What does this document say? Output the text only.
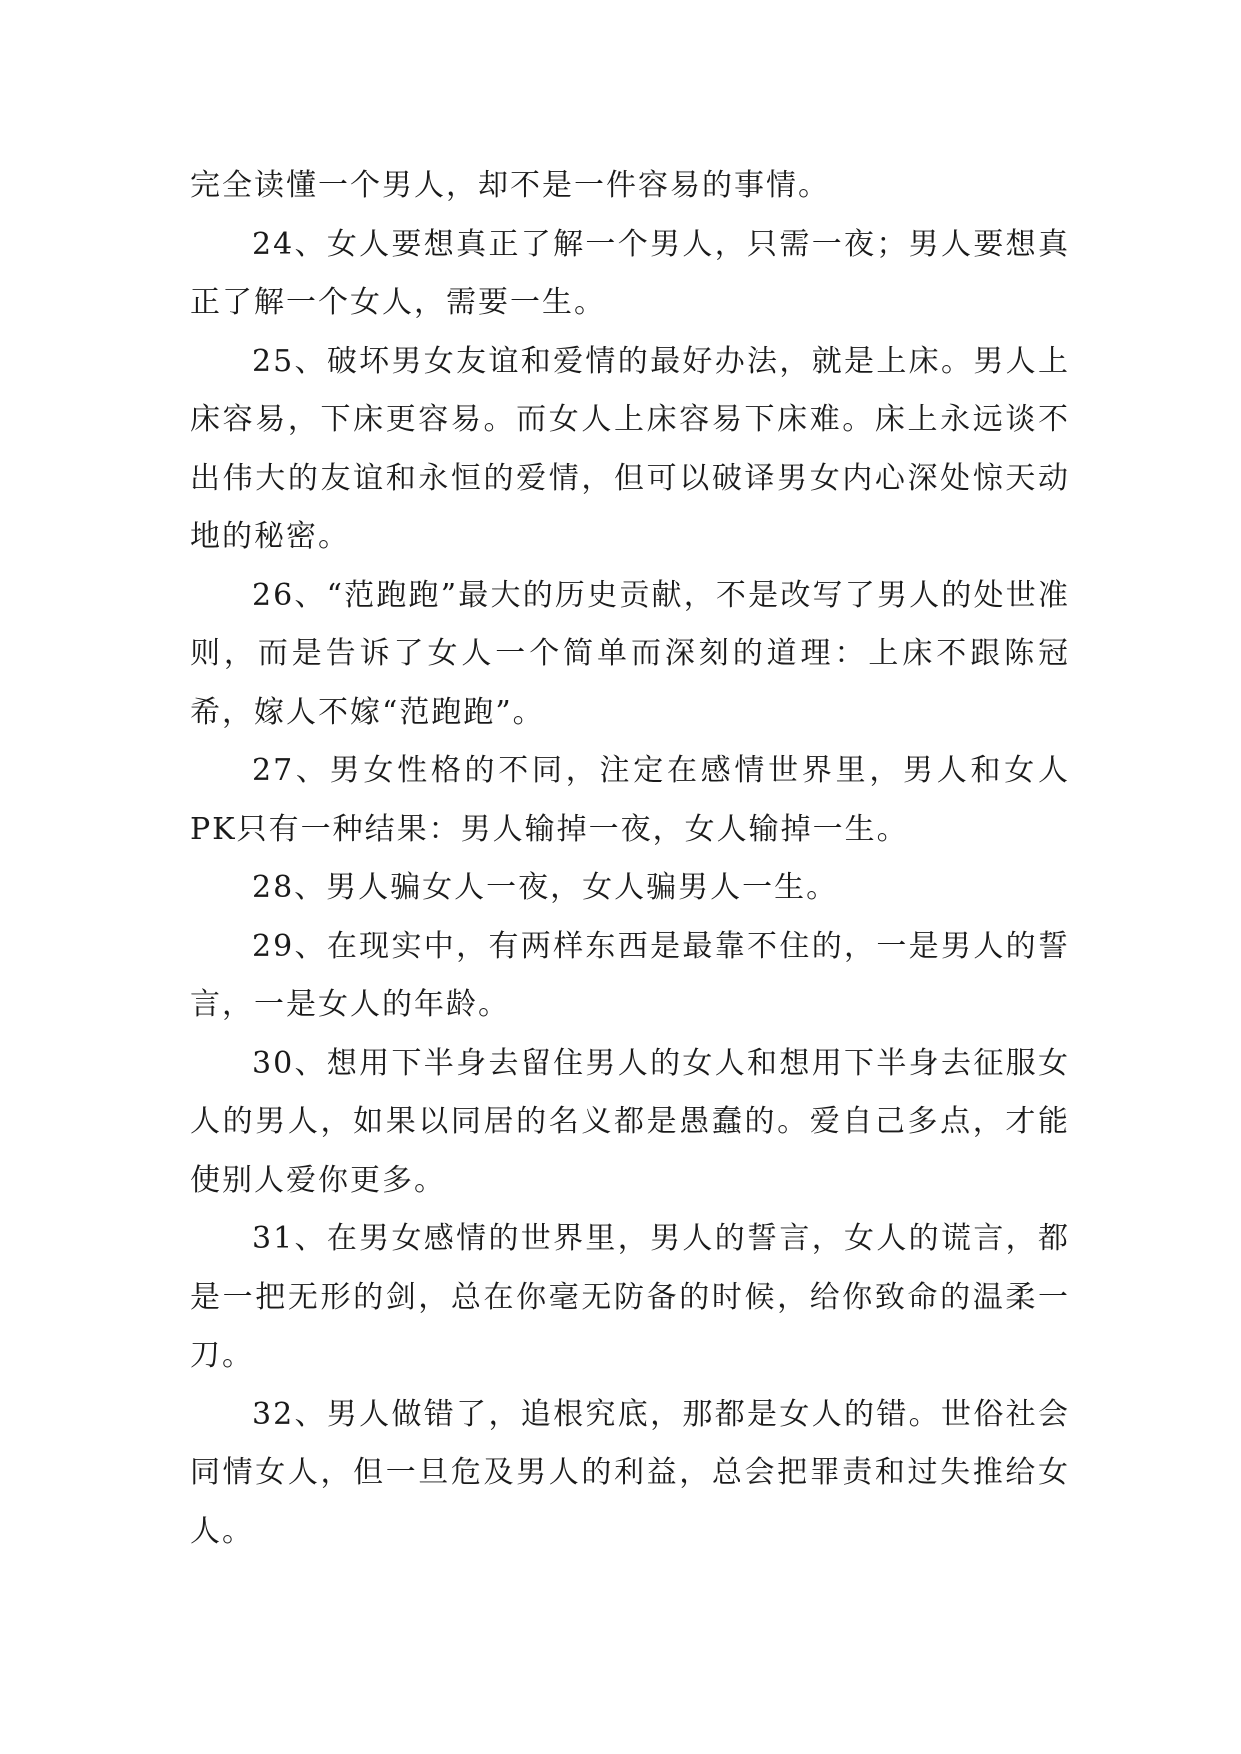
完全读懂一个男人，却不是一件容易的事情。

24、女人要想真正了解一个男人，只需一夜；男人要想真正了解一个女人，需要一生。

25、破坏男女友谊和爱情的最好办法，就是上床。男人上床容易，下床更容易。而女人上床容易下床难。床上永远谈不出伟大的友谊和永恒的爱情，但可以破译男女内心深处惊天动地的秘密。

26、“范跑跑”最大的历史贡献，不是改写了男人的处世准则，而是告诉了女人一个简单而深刻的道理：上床不跟陈冠希，嫁人不嫁“范跑跑”。

27、男女性格的不同，注定在感情世界里，男人和女人PK只有一种结果：男人输掉一夜，女人输掉一生。

28、男人骗女人一夜，女人骗男人一生。

29、在现实中，有两样东西是最靠不住的，一是男人的誓言，一是女人的年龄。

30、想用下半身去留住男人的女人和想用下半身去征服女人的男人，如果以同居的名义都是愚蠢的。爱自己多点，才能使别人爱你更多。

31、在男女感情的世界里，男人的誓言，女人的谎言，都是一把无形的剑，总在你毫无防备的时候，给你致命的温柔一刀。

32、男人做错了，追根究底，那都是女人的错。世俗社会同情女人，但一旦危及男人的利益，总会把罪责和过失推给女人。
